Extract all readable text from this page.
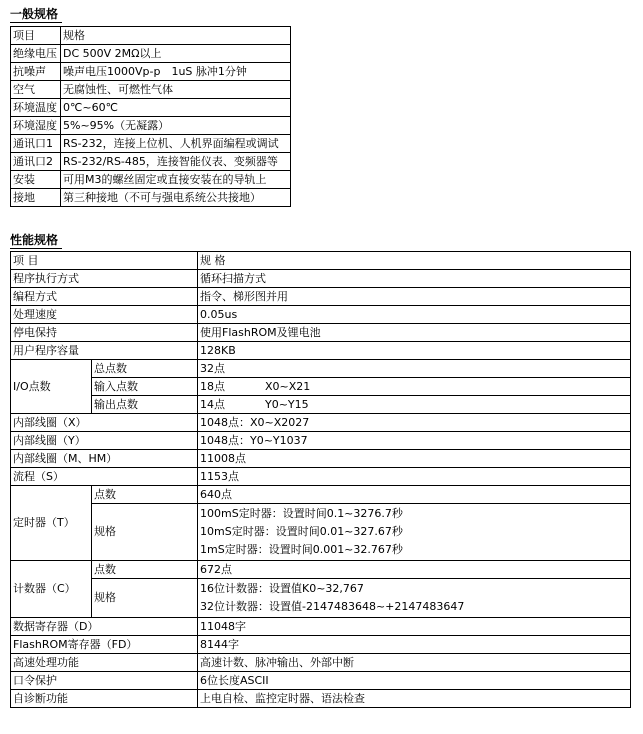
一般规格
项目	规格
绝缘电压	DC 500V 2MΩ以上
抗噪声	噪声电压1000Vp-p　1uS 脉冲1分钟
空气	无腐蚀性、可燃性气体
环境温度	0℃~60℃
环境湿度	5%~95%（无凝露）
通讯口1	RS-232，连接上位机、人机界面编程或调试
通讯口2	RS-232/RS-485，连接智能仪表、变频器等
安装	可用M3的螺丝固定或直接安装在的导轨上
接地	第三种接地（不可与强电系统公共接地）
性能规格
项 目		规 格
程序执行方式		循环扫描方式
编程方式		指令、梯形图并用
处理速度		0.05us
停电保持		使用FlashROM及锂电池
用户程序容量		128KB
I/O点数	总点数	32点
	输入点数	18点 X0~X21
	输出点数	14点 Y0~Y15
内部线圈（X）		1048点：X0~X2027
内部线圈（Y）		1048点：Y0~Y1037
内部线圈（M、HM）		11008点
流程（S）		1153点
定时器（T）	点数	640点
	规格	100mS定时器：设置时间0.1~3276.7秒
10mS定时器：设置时间0.01~327.67秒
1mS定时器：设置时间0.001~32.767秒

计数器（C）	点数	672点
	规格	16位计数器：设置值K0~32,767
32位计数器：设置值-2147483648~+2147483647

数据寄存器（D）		11048字
FlashROM寄存器（FD）		8144字
高速处理功能		高速计数、脉冲输出、外部中断
口令保护		6位长度ASCII
自诊断功能		上电自检、监控定时器、语法检查
